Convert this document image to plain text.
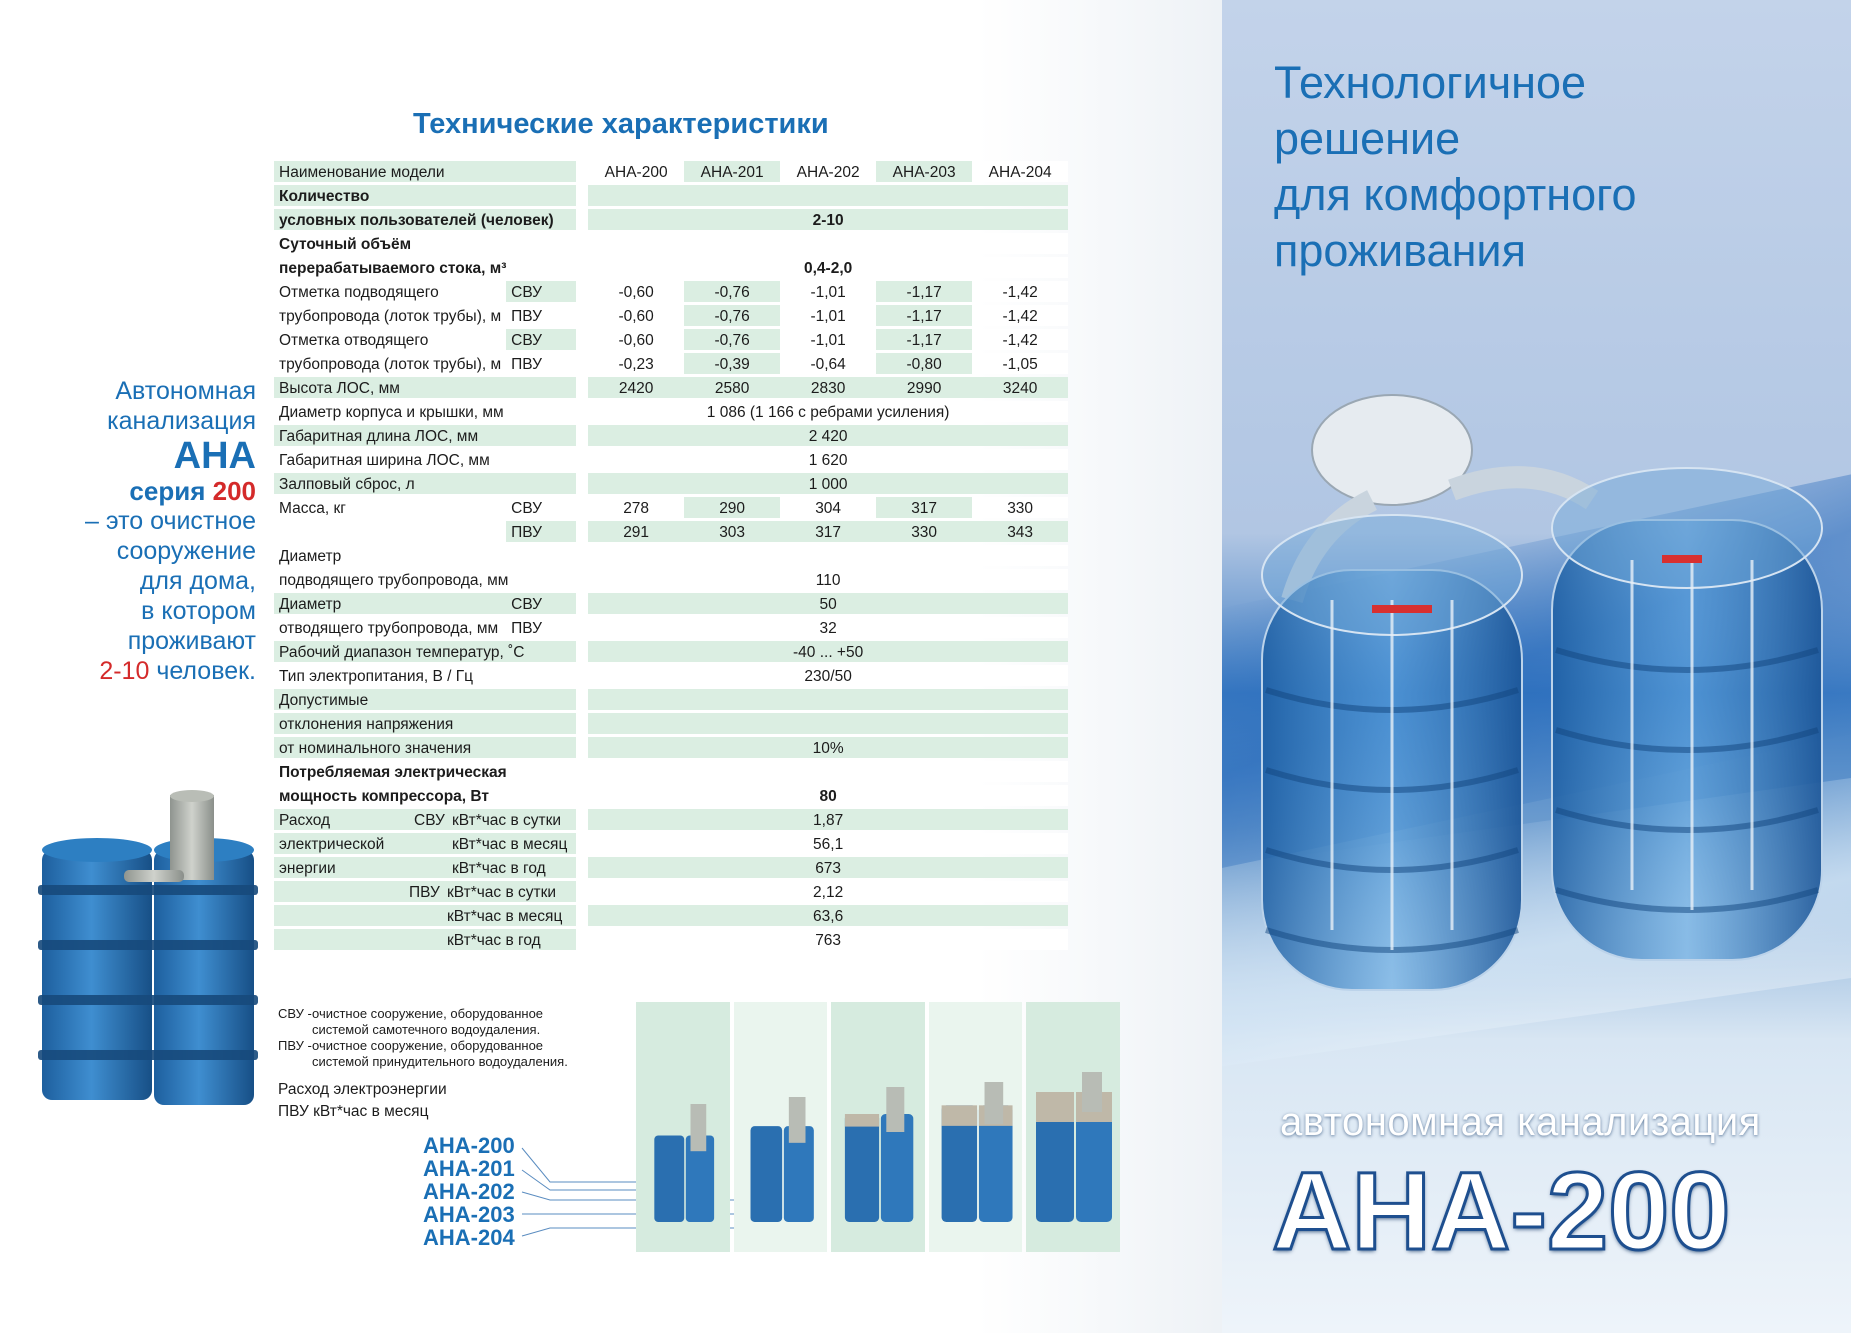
Технические характеристики
Автономная
канализация
АНА
серия 200
– это очистное
сооружение
для дома,
в котором
проживают
2-10 человек.
Наименование модели			АНА-200	АНА-201	АНА-202	АНА-203	АНА-204
Количество							
условных пользователей (человек)			2-10				
Суточный объём							
перерабатываемого стока, м³			0,4-2,0				
Отметка подводящего	СВУ		-0,60	-0,76	-1,01	-1,17	-1,42
трубопровода (лоток трубы), м	ПВУ		-0,60	-0,76	-1,01	-1,17	-1,42
Отметка отводящего	СВУ		-0,60	-0,76	-1,01	-1,17	-1,42
трубопровода (лоток трубы), м	ПВУ		-0,23	-0,39	-0,64	-0,80	-1,05
Высота ЛОС, мм			2420	2580	2830	2990	3240
Диаметр корпуса и крышки, мм			1 086 (1 166 с ребрами усиления)				
Габаритная длина ЛОС, мм			2 420				
Габаритная ширина ЛОС, мм			1 620				
Залповый сброс, л			1 000				
Масса, кг	СВУ		278	290	304	317	330
	ПВУ		291	303	317	330	343
Диаметр							
подводящего трубопровода, мм			110				
Диаметр	СВУ		50				
отводящего трубопровода, мм	ПВУ		32				
Рабочий диапазон температур, ˚С			-40 ... +50				
Тип электропитания, В / Гц			230/50				
Допустимые							
отклонения напряжения							
от номинального значения			10%				
Потребляемая электрическая							
мощность компрессора, Вт			80				

Расход СВУ кВт*час в сутки			1,87				

электрической кВт*час в месяц			56,1				

энергии кВт*час в год			673				

ПВУ кВт*час в сутки			2,12				

кВт*час в месяц			63,6				

кВт*час в год			763				
СВУ - очистное сооружение, оборудованное
системой самотечного водоудаления.
ПВУ - очистное сооружение, оборудованное
системой принудительного водоудаления.
Расход электроэнергии
ПВУ кВт*час в месяц
АНА-200
АНА-201
АНА-202
АНА-203
АНА-204
Технологичное
решение
для комфортного
проживания
автономная канализация
АНА-200
